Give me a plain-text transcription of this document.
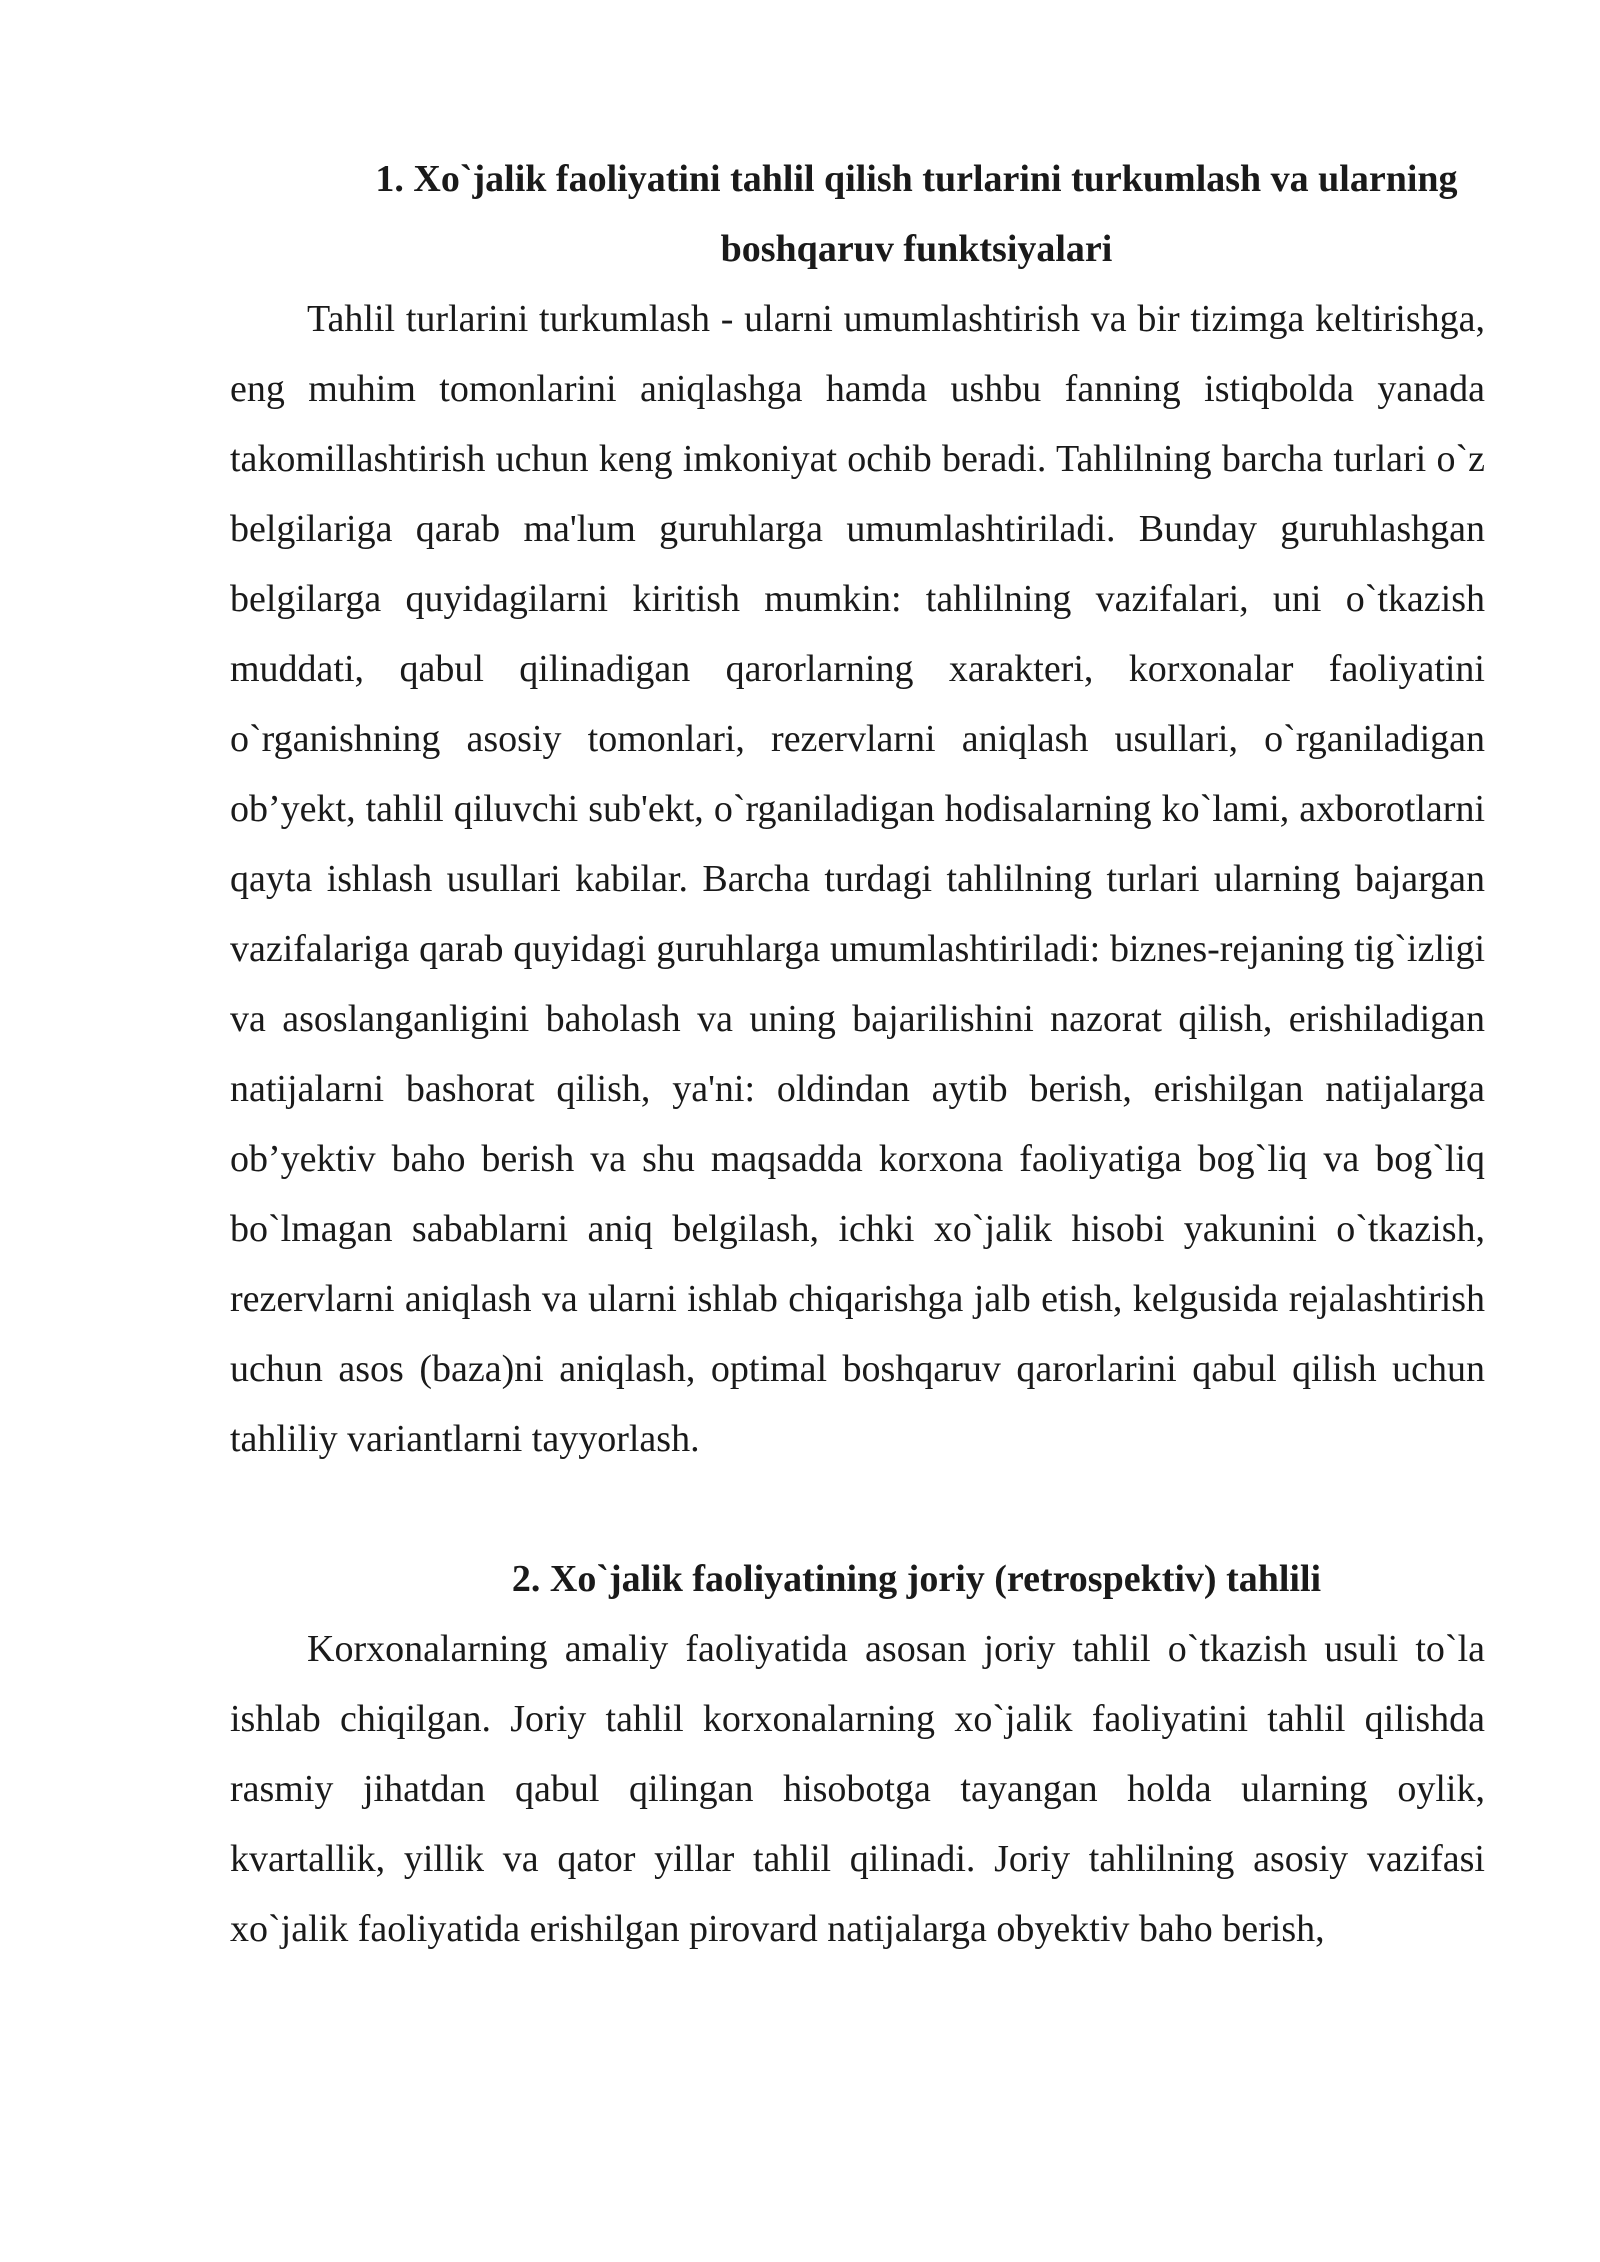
1. Xo`jalik faoliyatini tahlil qilish turlarini turkumlash va ularning boshqaruv funktsiyalari

Tahlil turlarini turkumlash - ularni umumlashtirish va bir tizimga keltirishga, eng muhim tomonlarini aniqlashga hamda ushbu fanning istiqbolda yanada takomillashtirish uchun keng imkoniyat ochib beradi. Tahlilning barcha turlari o`z belgilariga qarab ma'lum guruhlarga umumlashtiriladi. Bunday guruhlashgan belgilarga quyidagilarni kiritish mumkin: tahlilning vazifalari, uni o`tkazish muddati, qabul qilinadigan qarorlarning xarakteri, korxonalar faoliyatini o`rganishning asosiy tomonlari, rezervlarni aniqlash usullari, o`rganiladigan ob’yekt, tahlil qiluvchi sub'ekt, o`rganiladigan hodisalarning ko`lami, axborotlarni qayta ishlash usullari kabilar. Barcha turdagi tahlilning turlari ularning bajargan vazifalariga qarab quyidagi guruhlarga umumlashtiriladi: biznes-rejaning tig`izligi va asoslanganligini baholash va uning bajarilishini nazorat qilish, erishiladigan natijalarni bashorat qilish, ya'ni: oldindan aytib berish, erishilgan natijalarga ob’yektiv baho berish va shu maqsadda korxona faoliyatiga bog`liq va bog`liq bo`lmagan sabablarni aniq belgilash, ichki xo`jalik hisobi yakunini o`tkazish, rezervlarni aniqlash va ularni ishlab chiqarishga jalb etish, kelgusida rejalashtirish uchun asos (baza)ni aniqlash, optimal boshqaruv qarorlarini qabul qilish uchun tahliliy variantlarni tayyorlash.

2. Xo`jalik faoliyatining joriy (retrospektiv) tahlili

Korxonalarning amaliy faoliyatida asosan joriy tahlil o`tkazish usuli to`la ishlab chiqilgan. Joriy tahlil korxonalarning xo`jalik faoliyatini tahlil qilishda rasmiy jihatdan qabul qilingan hisobotga tayangan holda ularning oylik, kvartallik, yillik va qator yillar tahlil qilinadi. Joriy tahlilning asosiy vazifasi xo`jalik faoliyatida erishilgan pirovard natijalarga obyektiv baho berish,
